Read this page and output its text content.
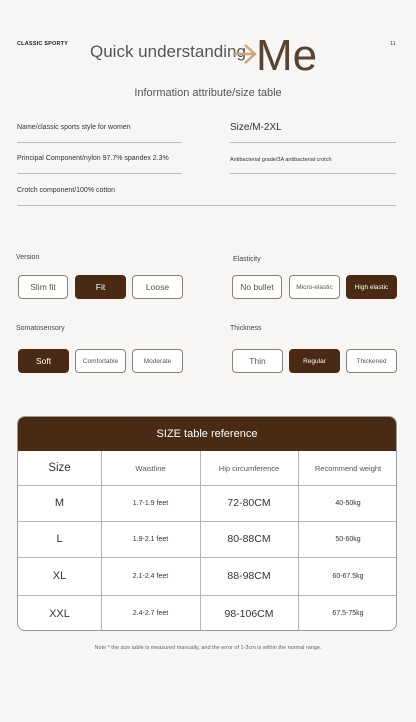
CLASSIC SPORTY	11
Quick understanding Me
Information attribute/size table
Name/classic sports style for women	Size/M-2XL
Principal Component/nylon 97.7% spandex 2.3%	Antibacterial grade/3A antibacterial crotch
Crotch component/100% cotton
Version
Slim fit	Fit	Loose
Elasticity
No bullet	Micro-elastic	High elastic
Somatosensory
Soft	Comfortable	Moderate
Thickness
Thin	Regular	Thickened
SIZE table reference
Size	Waistline	Hip circumference	Recommend weight
M	1.7-1.9 feet	72-80CM	40-50kg
L	1.9-2.1 feet	80-88CM	50-60kg
XL	2.1-2.4 feet	88-98CM	60-67.5kg
XXL	2.4-2.7 feet	98-106CM	67.5-75kg
Note * the size table is measured manually, and the error of 1-3cm is within the normal range.
